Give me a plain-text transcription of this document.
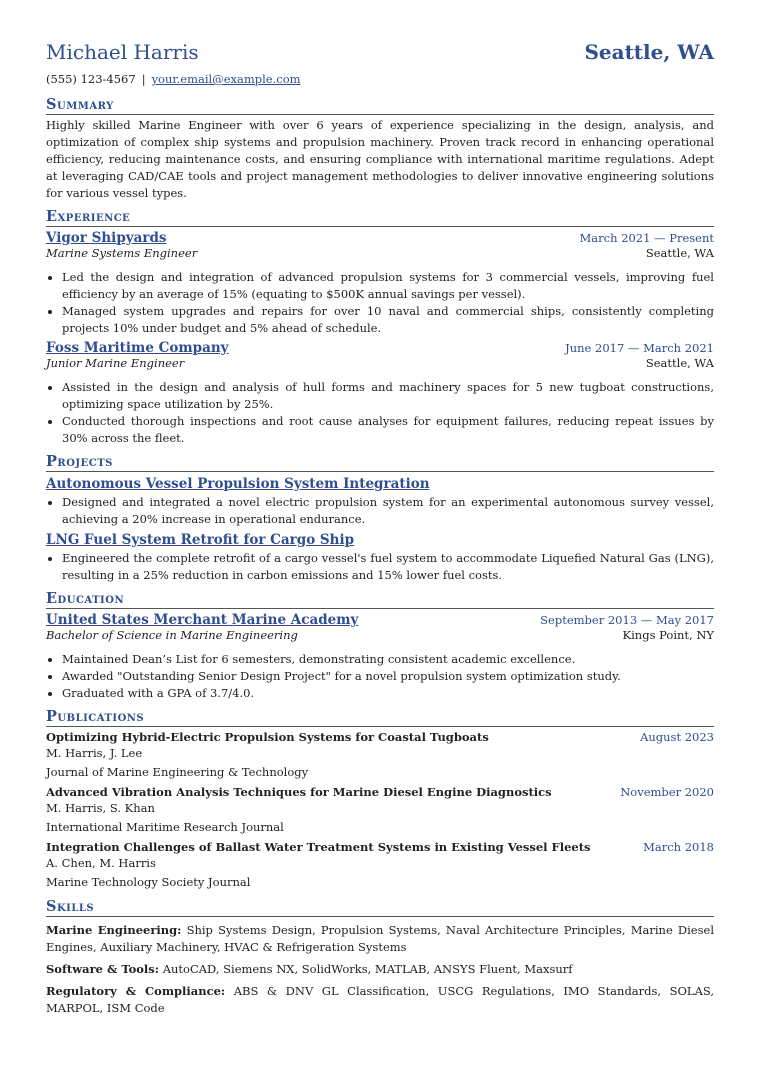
Michael Harris	Seattle, WA
(555) 123-4567 | your.email@example.com
Summary
Highly skilled Marine Engineer with over 6 years of experience specializing in the design, analysis, and optimization of complex ship systems and propulsion machinery. Proven track record in enhancing operational efficiency, reducing maintenance costs, and ensuring compliance with international maritime regulations. Adept at leveraging CAD/CAE tools and project management methodologies to deliver innovative engineering solutions for various vessel types.
Experience
Vigor Shipyards	March 2021 — Present
Marine Systems Engineer	Seattle, WA
• Led the design and integration of advanced propulsion systems for 3 commercial vessels, improving fuel efficiency by an average of 15% (equating to $500K annual savings per vessel).
• Managed system upgrades and repairs for over 10 naval and commercial ships, consistently completing projects 10% under budget and 5% ahead of schedule.
Foss Maritime Company	June 2017 — March 2021
Junior Marine Engineer	Seattle, WA
• Assisted in the design and analysis of hull forms and machinery spaces for 5 new tugboat constructions, optimizing space utilization by 25%.
• Conducted thorough inspections and root cause analyses for equipment failures, reducing repeat issues by 30% across the fleet.
Projects
Autonomous Vessel Propulsion System Integration
• Designed and integrated a novel electric propulsion system for an experimental autonomous survey vessel, achieving a 20% increase in operational endurance.
LNG Fuel System Retrofit for Cargo Ship
• Engineered the complete retrofit of a cargo vessel's fuel system to accommodate Liquefied Natural Gas (LNG), resulting in a 25% reduction in carbon emissions and 15% lower fuel costs.
Education
United States Merchant Marine Academy	September 2013 — May 2017
Bachelor of Science in Marine Engineering	Kings Point, NY
• Maintained Dean’s List for 6 semesters, demonstrating consistent academic excellence.
• Awarded "Outstanding Senior Design Project" for a novel propulsion system optimization study.
• Graduated with a GPA of 3.7/4.0.
Publications
Optimizing Hybrid-Electric Propulsion Systems for Coastal Tugboats	August 2023
M. Harris, J. Lee
Journal of Marine Engineering & Technology
Advanced Vibration Analysis Techniques for Marine Diesel Engine Diagnostics	November 2020
M. Harris, S. Khan
International Maritime Research Journal
Integration Challenges of Ballast Water Treatment Systems in Existing Vessel Fleets	March 2018
A. Chen, M. Harris
Marine Technology Society Journal
Skills
Marine Engineering: Ship Systems Design, Propulsion Systems, Naval Architecture Principles, Marine Diesel Engines, Auxiliary Machinery, HVAC & Refrigeration Systems
Software & Tools: AutoCAD, Siemens NX, SolidWorks, MATLAB, ANSYS Fluent, Maxsurf
Regulatory & Compliance: ABS & DNV GL Classification, USCG Regulations, IMO Standards, SOLAS, MARPOL, ISM Code
